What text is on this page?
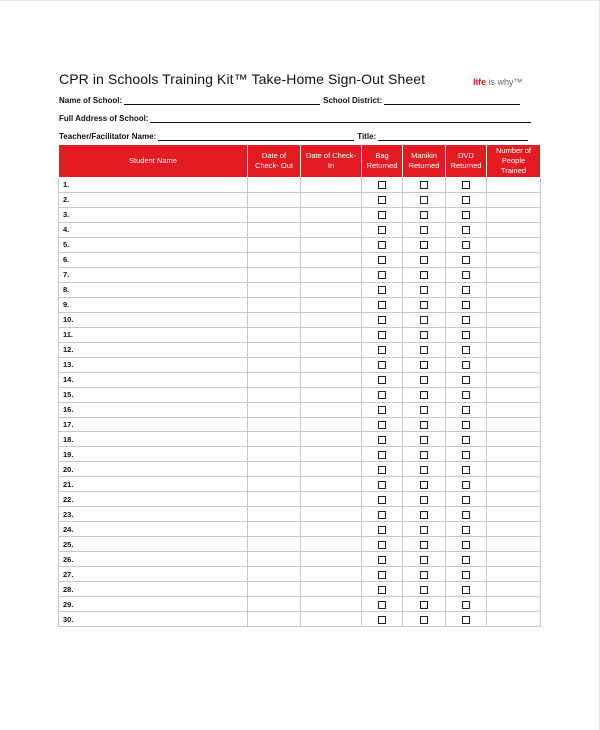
CPR in Schools Training Kit™ Take-Home Sign-Out Sheet	life is why™
Name of School:	School District:
Full Address of School:
Teacher/Facilitator Name:	Title:
Student Name	Date of Check- Out	Date of Check- In	Bag Returned	Manikin Returned	DVD Returned	Number of People Trained
1.						
2.						
3.						
4.						
5.						
6.						
7.						
8.						
9.						
10.						
11.						
12.						
13.						
14.						
15.						
16.						
17.						
18.						
19.						
20.						
21.						
22.						
23.						
24.						
25.						
26.						
27.						
28.						
29.						
30.						
